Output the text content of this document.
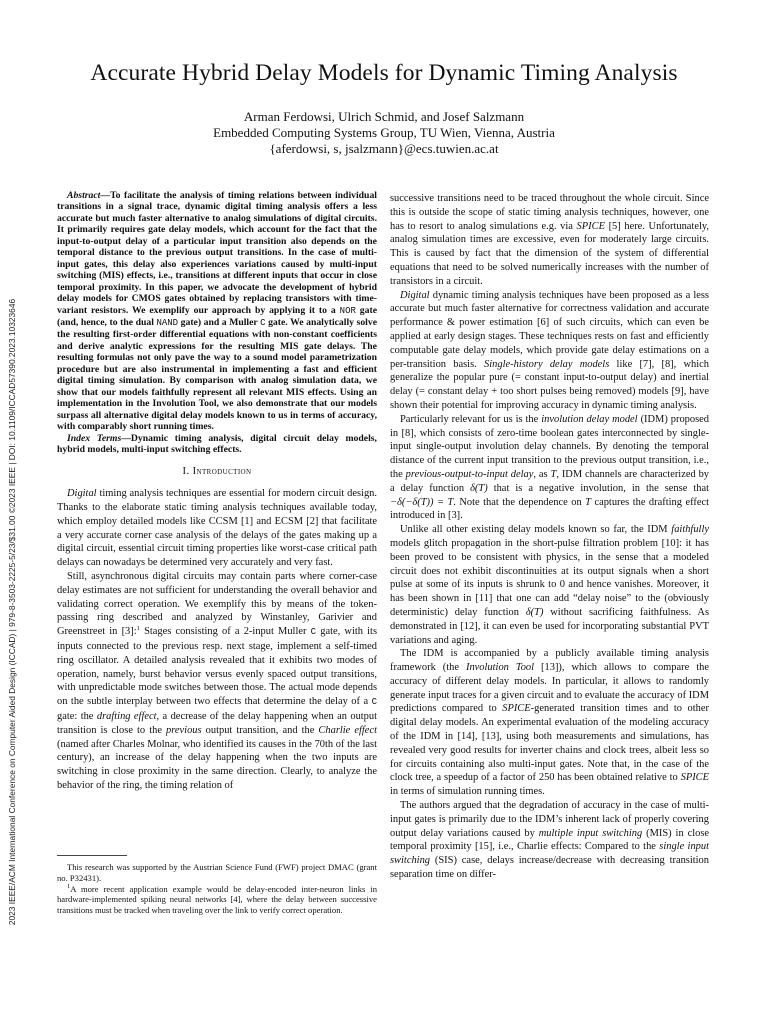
2023 IEEE/ACM International Conference on Computer Aided Design (ICCAD) | 979-8-3503-2225-5/23/$31.00 ©2023 IEEE | DOI: 10.1109/ICCAD57390.2023.10323646
Accurate Hybrid Delay Models for Dynamic Timing Analysis
Arman Ferdowsi, Ulrich Schmid, and Josef Salzmann
Embedded Computing Systems Group, TU Wien, Vienna, Austria
{aferdowsi, s, jsalzmann}@ecs.tuwien.ac.at

Abstract—To facilitate the analysis of timing relations between individual transitions in a signal trace, dynamic digital timing analysis offers a less accurate but much faster alternative to analog simulations of digital circuits. It primarily requires gate delay models, which account for the fact that the input-to-output delay of a particular input transition also depends on the temporal distance to the previous output transitions. In the case of multi-input gates, this delay also experiences variations caused by multi-input switching (MIS) effects, i.e., transitions at different inputs that occur in close temporal proximity. In this paper, we advocate the development of hybrid delay models for CMOS gates obtained by replacing transistors with time-variant resistors. We exemplify our approach by applying it to a NOR gate (and, hence, to the dual NAND gate) and a Muller C gate. We analytically solve the resulting first-order differential equations with non-constant coefficients and derive analytic expressions for the resulting MIS gate delays. The resulting formulas not only pave the way to a sound model parametrization procedure but are also instrumental in implementing a fast and efficient digital timing simulation. By comparison with analog simulation data, we show that our models faithfully represent all relevant MIS effects. Using an implementation in the Involution Tool, we also demonstrate that our models surpass all alternative digital delay models known to us in terms of accuracy, with comparably short running times.

Index Terms—Dynamic timing analysis, digital circuit delay models, hybrid models, multi-input switching effects.

I. Introduction

Digital timing analysis techniques are essential for modern circuit design. Thanks to the elaborate static timing analysis techniques available today, which employ detailed models like CCSM [1] and ECSM [2] that facilitate a very accurate corner case analysis of the delays of the gates making up a digital circuit, essential circuit timing properties like worst-case critical path delays can nowadays be determined very accurately and very fast.

Still, asynchronous digital circuits may contain parts where corner-case delay estimates are not sufficient for understanding the overall behavior and validating correct operation. We exemplify this by means of the token-passing ring described and analyzed by Winstanley, Garivier and Greenstreet in [3]:$^1$ Stages consisting of a 2-input Muller C gate, with its inputs connected to the previous resp. next stage, implement a self-timed ring oscillator. A detailed analysis revealed that it exhibits two modes of operation, namely, burst behavior versus evenly spaced output transitions, with unpredictable mode switches between those. The actual mode depends on the subtle interplay between two effects that determine the delay of a C gate: the drafting effect, a decrease of the delay happening when an output transition is close to the previous output transition, and the Charlie effect (named after Charles Molnar, who identified its causes in the 70th of the last century), an increase of the delay happening when the two inputs are switching in close proximity in the same direction. Clearly, to analyze the behavior of the ring, the timing relation of

This research was supported by the Austrian Science Fund (FWF) project DMAC (grant no. P32431).

$^1$A more recent application example would be delay-encoded inter-neuron links in hardware-implemented spiking neural networks [4], where the delay between successive transitions must be tracked when traveling over the link to verify correct operation.

successive transitions need to be traced throughout the whole circuit. Since this is outside the scope of static timing analysis techniques, however, one has to resort to analog simulations e.g. via SPICE [5] here. Unfortunately, analog simulation times are excessive, even for moderately large circuits. This is caused by fact that the dimension of the system of differential equations that need to be solved numerically increases with the number of transistors in a circuit.

Digital dynamic timing analysis techniques have been proposed as a less accurate but much faster alternative for correctness validation and accurate performance & power estimation [6] of such circuits, which can even be applied at early design stages. These techniques rests on fast and efficiently computable gate delay models, which provide gate delay estimations on a per-transition basis. Single-history delay models like [7], [8], which generalize the popular pure (= constant input-to-output delay) and inertial delay (= constant delay + too short pulses being removed) models [9], have shown their potential for improving accuracy in dynamic timing analysis.

Particularly relevant for us is the involution delay model (IDM) proposed in [8], which consists of zero-time boolean gates interconnected by single-input single-output involution delay channels. By denoting the temporal distance of the current input transition to the previous output transition, i.e., the previous-output-to-input delay, as T, IDM channels are characterized by a delay function δ(T) that is a negative involution, in the sense that −δ(−δ(T)) = T. Note that the dependence on T captures the drafting effect introduced in [3].

Unlike all other existing delay models known so far, the IDM faithfully models glitch propagation in the short-pulse filtration problem [10]: it has been proved to be consistent with physics, in the sense that a modeled circuit does not exhibit discontinuities at its output signals when a short pulse at some of its inputs is shrunk to 0 and hence vanishes. Moreover, it has been shown in [11] that one can add “delay noise” to the (obviously deterministic) delay function δ(T) without sacrificing faithfulness. As demonstrated in [12], it can even be used for incorporating substantial PVT variations and aging.

The IDM is accompanied by a publicly available timing analysis framework (the Involution Tool [13]), which allows to compare the accuracy of different delay models. In particular, it allows to randomly generate input traces for a given circuit and to evaluate the accuracy of IDM predictions compared to SPICE-generated transition times and to other digital delay models. An experimental evaluation of the modeling accuracy of the IDM in [14], [13], using both measurements and simulations, has revealed very good results for inverter chains and clock trees, albeit less so for circuits containing also multi-input gates. Note that, in the case of the clock tree, a speedup of a factor of 250 has been obtained relative to SPICE in terms of simulation running times.

The authors argued that the degradation of accuracy in the case of multi-input gates is primarily due to the IDM’s inherent lack of properly covering output delay variations caused by multiple input switching (MIS) in close temporal proximity [15], i.e., Charlie effects: Compared to the single input switching (SIS) case, delays increase/decrease with decreasing transition separation time on differ-
